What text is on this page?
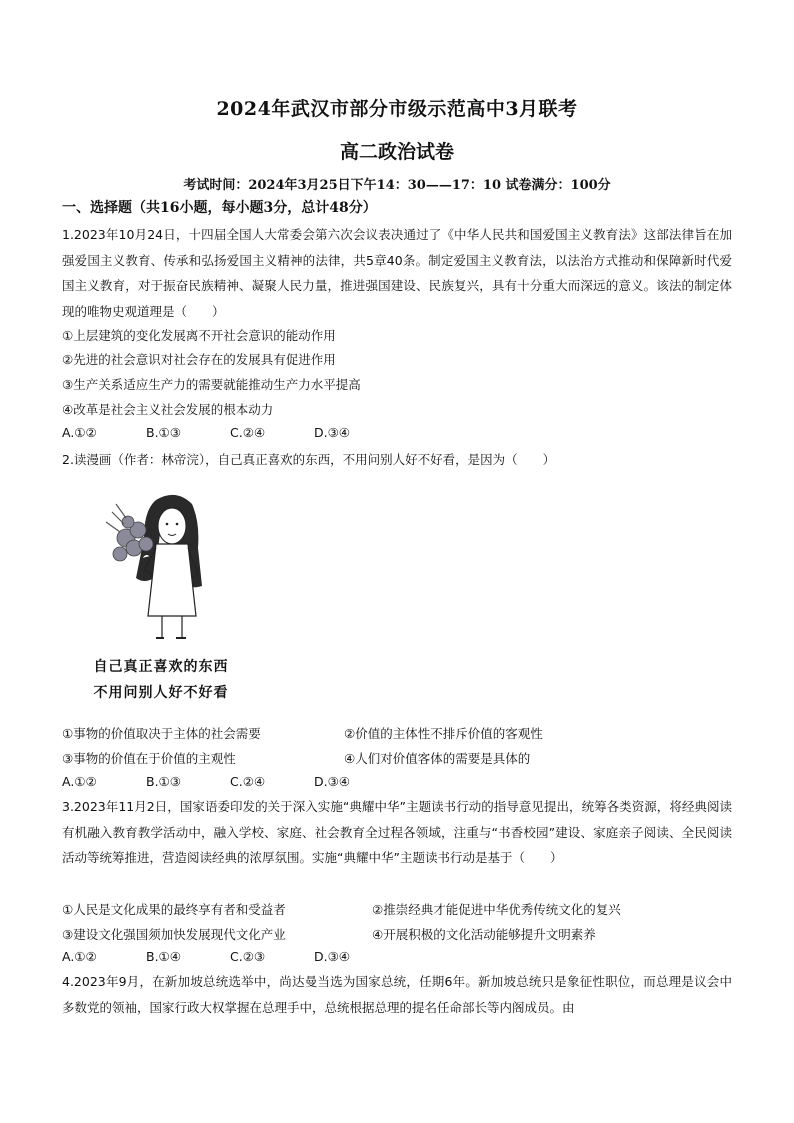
2024年武汉市部分市级示范高中3月联考
高二政治试卷
考试时间：2024年3月25日下午14：30——17：10 试卷满分：100分
一、选择题（共16小题，每小题3分，总计48分）
1.2023年10月24日，十四届全国人大常委会第六次会议表决通过了《中华人民共和国爱国主义教育法》这部法律旨在加强爱国主义教育、传承和弘扬爱国主义精神的法律，共5章40条。制定爱国主义教育法，以法治方式推动和保障新时代爱国主义教育，对于振奋民族精神、凝聚人民力量，推进强国建设、民族复兴，具有十分重大而深远的意义。该法的制定体现的唯物史观道理是（　　）
①上层建筑的变化发展离不开社会意识的能动作用
②先进的社会意识对社会存在的发展具有促进作用
③生产关系适应生产力的需要就能推动生产力水平提高
④改革是社会主义社会发展的根本动力
A.①②	B.①③	C.②④	D.③④
2.读漫画（作者：林帝浣），自己真正喜欢的东西，不用问别人好不好看，是因为（　　）
自己真正喜欢的东西
不用问别人好不好看
①事物的价值取决于主体的社会需要	②价值的主体性不排斥价值的客观性
③事物的价值在于价值的主观性	④人们对价值客体的需要是具体的
A.①②	B.①③	C.②④	D.③④
3.2023年11月2日，国家语委印发的关于深入实施“典耀中华”主题读书行动的指导意见提出，统筹各类资源，将经典阅读有机融入教育教学活动中，融入学校、家庭、社会教育全过程各领域，注重与“书香校园”建设、家庭亲子阅读、全民阅读活动等统筹推进，营造阅读经典的浓厚氛围。实施“典耀中华”主题读书行动是基于（　　）
①人民是文化成果的最终享有者和受益者	②推崇经典才能促进中华优秀传统文化的复兴
③建设文化强国须加快发展现代文化产业	④开展积极的文化活动能够提升文明素养
A.①②	B.①④	C.②③	D.③④
4.2023年9月，在新加坡总统选举中，尚达曼当选为国家总统，任期6年。新加坡总统只是象征性职位，而总理是议会中多数党的领袖，国家行政大权掌握在总理手中，总统根据总理的提名任命部长等内阁成员。由
